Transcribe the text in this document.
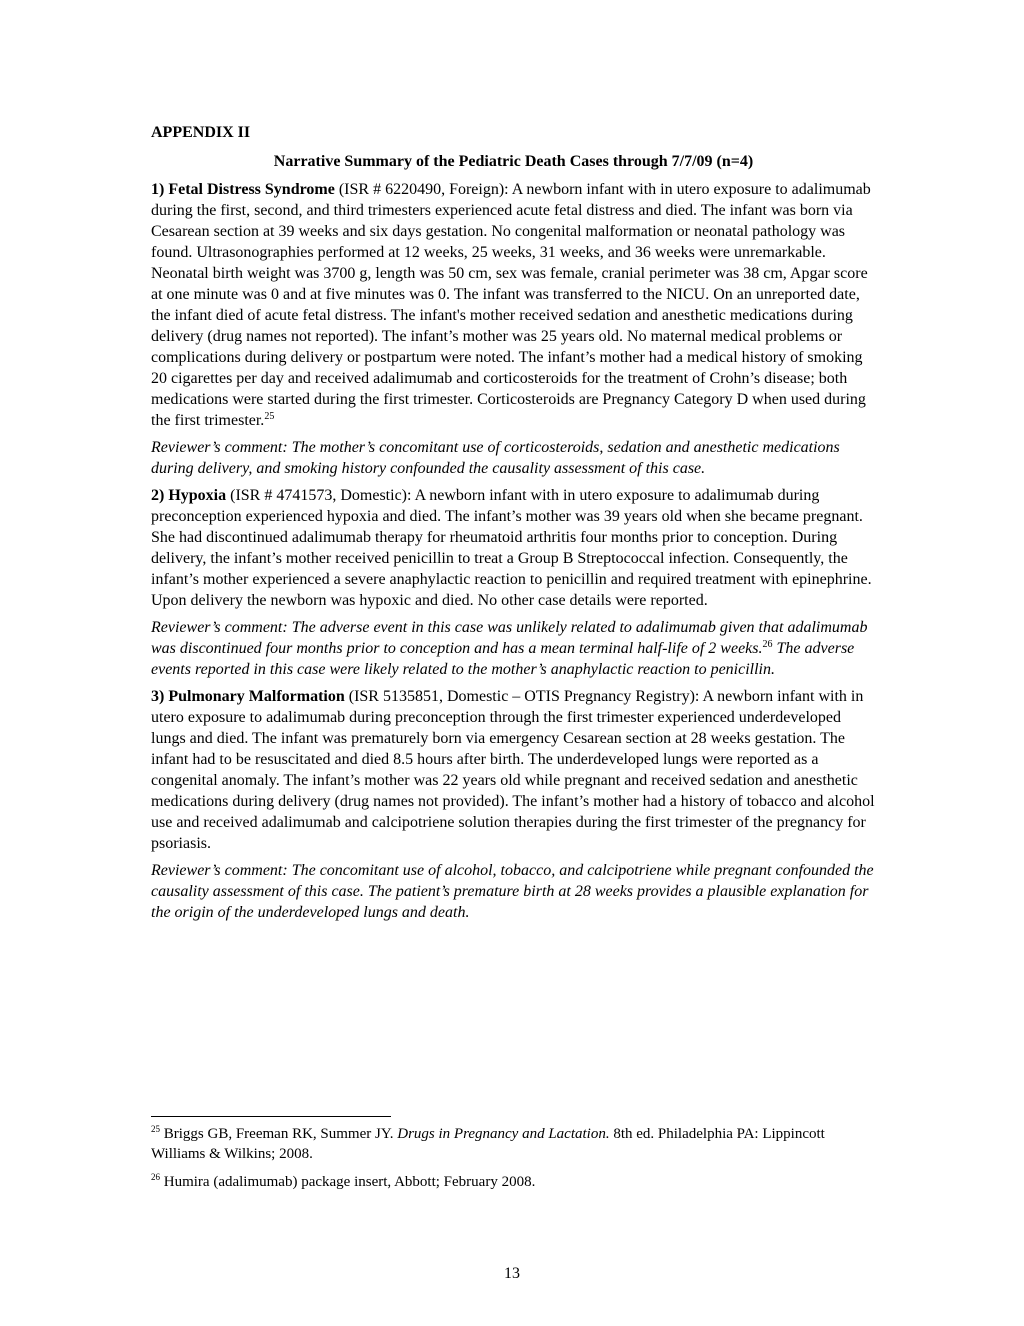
APPENDIX II

Narrative Summary of the Pediatric Death Cases through 7/7/09 (n=4)

1) Fetal Distress Syndrome (ISR # 6220490, Foreign): A newborn infant with in utero exposure to adalimumab during the first, second, and third trimesters experienced acute fetal distress and died. The infant was born via Cesarean section at 39 weeks and six days gestation. No congenital malformation or neonatal pathology was found. Ultrasonographies performed at 12 weeks, 25 weeks, 31 weeks, and 36 weeks were unremarkable. Neonatal birth weight was 3700 g, length was 50 cm, sex was female, cranial perimeter was 38 cm, Apgar score at one minute was 0 and at five minutes was 0. The infant was transferred to the NICU. On an unreported date, the infant died of acute fetal distress. The infant's mother received sedation and anesthetic medications during delivery (drug names not reported). The infant’s mother was 25 years old. No maternal medical problems or complications during delivery or postpartum were noted. The infant’s mother had a medical history of smoking 20 cigarettes per day and received adalimumab and corticosteroids for the treatment of Crohn’s disease; both medications were started during the first trimester. Corticosteroids are Pregnancy Category D when used during the first trimester.$^{25}$

Reviewer’s comment: The mother’s concomitant use of corticosteroids, sedation and anesthetic medications during delivery, and smoking history confounded the causality assessment of this case.

2) Hypoxia (ISR # 4741573, Domestic): A newborn infant with in utero exposure to adalimumab during preconception experienced hypoxia and died. The infant’s mother was 39 years old when she became pregnant. She had discontinued adalimumab therapy for rheumatoid arthritis four months prior to conception. During delivery, the infant’s mother received penicillin to treat a Group B Streptococcal infection. Consequently, the infant’s mother experienced a severe anaphylactic reaction to penicillin and required treatment with epinephrine. Upon delivery the newborn was hypoxic and died. No other case details were reported.

Reviewer’s comment: The adverse event in this case was unlikely related to adalimumab given that adalimumab was discontinued four months prior to conception and has a mean terminal half-life of 2 weeks.$^{26}$ The adverse events reported in this case were likely related to the mother’s anaphylactic reaction to penicillin.

3) Pulmonary Malformation (ISR 5135851, Domestic – OTIS Pregnancy Registry): A newborn infant with in utero exposure to adalimumab during preconception through the first trimester experienced underdeveloped lungs and died. The infant was prematurely born via emergency Cesarean section at 28 weeks gestation. The infant had to be resuscitated and died 8.5 hours after birth. The underdeveloped lungs were reported as a congenital anomaly. The infant’s mother was 22 years old while pregnant and received sedation and anesthetic medications during delivery (drug names not provided). The infant’s mother had a history of tobacco and alcohol use and received adalimumab and calcipotriene solution therapies during the first trimester of the pregnancy for psoriasis.

Reviewer’s comment: The concomitant use of alcohol, tobacco, and calcipotriene while pregnant confounded the causality assessment of this case. The patient’s premature birth at 28 weeks provides a plausible explanation for the origin of the underdeveloped lungs and death.

$^{25}$ Briggs GB, Freeman RK, Summer JY. Drugs in Pregnancy and Lactation. 8th ed. Philadelphia PA: Lippincott Williams & Wilkins; 2008.

$^{26}$ Humira (adalimumab) package insert, Abbott; February 2008.

13
